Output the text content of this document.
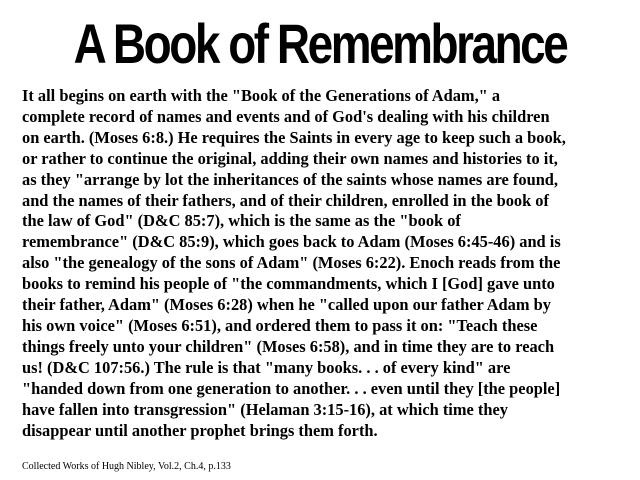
A Book of Remembrance
It all begins on earth with the "Book of the Generations of Adam," a
complete record of names and events and of God's dealing with his children
on earth. (Moses 6:8.) He requires the Saints in every age to keep such a book,
or rather to continue the original, adding their own names and histories to it,
as they "arrange by lot the inheritances of the saints whose names are found,
and the names of their fathers, and of their children, enrolled in the book of
the law of God" (D&C 85:7), which is the same as the "book of
remembrance" (D&C 85:9), which goes back to Adam (Moses 6:45-46) and is
also "the genealogy of the sons of Adam" (Moses 6:22). Enoch reads from the
books to remind his people of "the commandments, which I [God] gave unto
their father, Adam" (Moses 6:28) when he "called upon our father Adam by
his own voice" (Moses 6:51), and ordered them to pass it on: "Teach these
things freely unto your children" (Moses 6:58), and in time they are to reach
us! (D&C 107:56.) The rule is that "many books. . . of every kind" are
"handed down from one generation to another. . . even until they [the people]
have fallen into transgression" (Helaman 3:15-16), at which time they
disappear until another prophet brings them forth.
Collected Works of Hugh Nibley, Vol.2, Ch.4, p.133
